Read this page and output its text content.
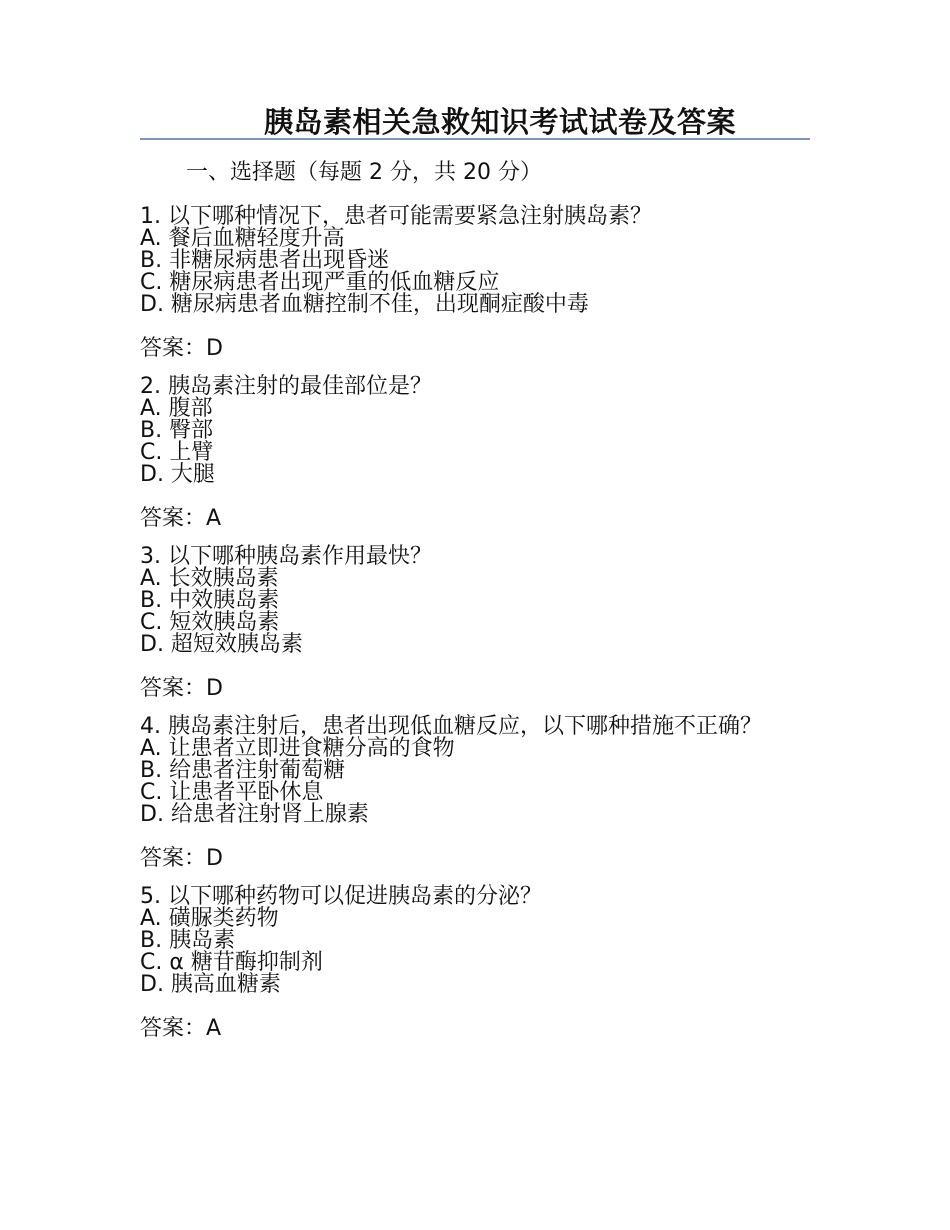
胰岛素相关急救知识考试试卷及答案
一、选择题（每题 2 分，共 20 分）

1. 以下哪种情况下，患者可能需要紧急注射胰岛素？

A. 餐后血糖轻度升高
B. 非糖尿病患者出现昏迷
C. 糖尿病患者出现严重的低血糖反应
D. 糖尿病患者血糖控制不佳，出现酮症酸中毒
答案：D

2. 胰岛素注射的最佳部位是？

A. 腹部
B. 臀部
C. 上臂
D. 大腿
答案：A

3. 以下哪种胰岛素作用最快？

A. 长效胰岛素
B. 中效胰岛素
C. 短效胰岛素
D. 超短效胰岛素
答案：D

4. 胰岛素注射后，患者出现低血糖反应，以下哪种措施不正确？

A. 让患者立即进食糖分高的食物
B. 给患者注射葡萄糖
C. 让患者平卧休息
D. 给患者注射肾上腺素
答案：D

5. 以下哪种药物可以促进胰岛素的分泌？

A. 磺脲类药物
B. 胰岛素
C. α 糖苷酶抑制剂
D. 胰高血糖素
答案：A
